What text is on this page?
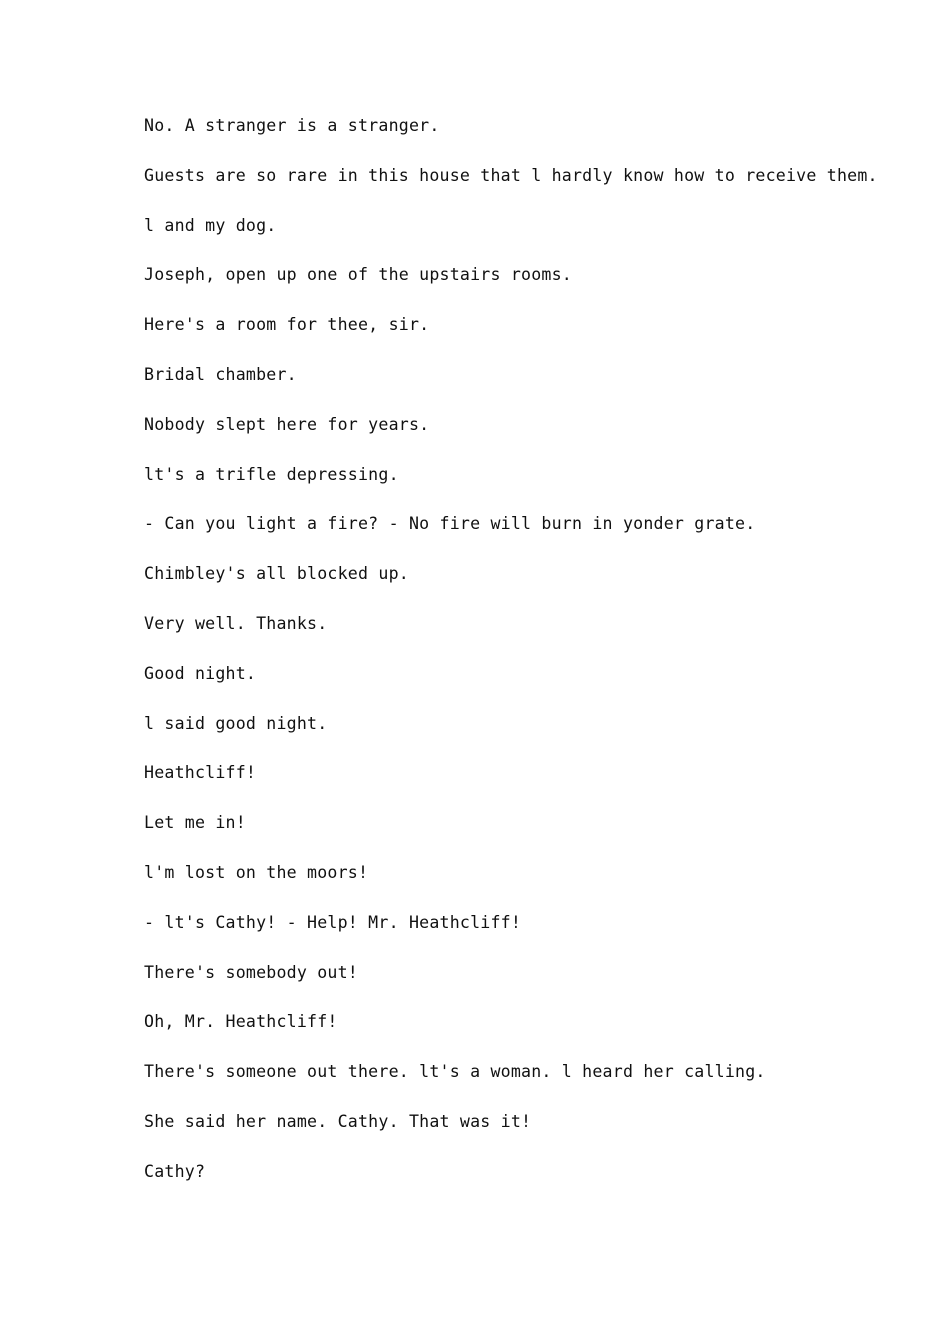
No. A stranger is a stranger.
Guests are so rare in this house that l hardly know how to receive them.
l and my dog.
Joseph, open up one of the upstairs rooms.
Here's a room for thee, sir.
Bridal chamber.
Nobody slept here for years.
lt's a trifle depressing.
- Can you light a fire? - No fire will burn in yonder grate.
Chimbley's all blocked up.
Very well. Thanks.
Good night.
l said good night.
Heathcliff!
Let me in!
l'm lost on the moors!
- lt's Cathy! - Help! Mr. Heathcliff!
There's somebody out!
Oh, Mr. Heathcliff!
There's someone out there. lt's a woman. l heard her calling.
She said her name. Cathy. That was it!
Cathy?
